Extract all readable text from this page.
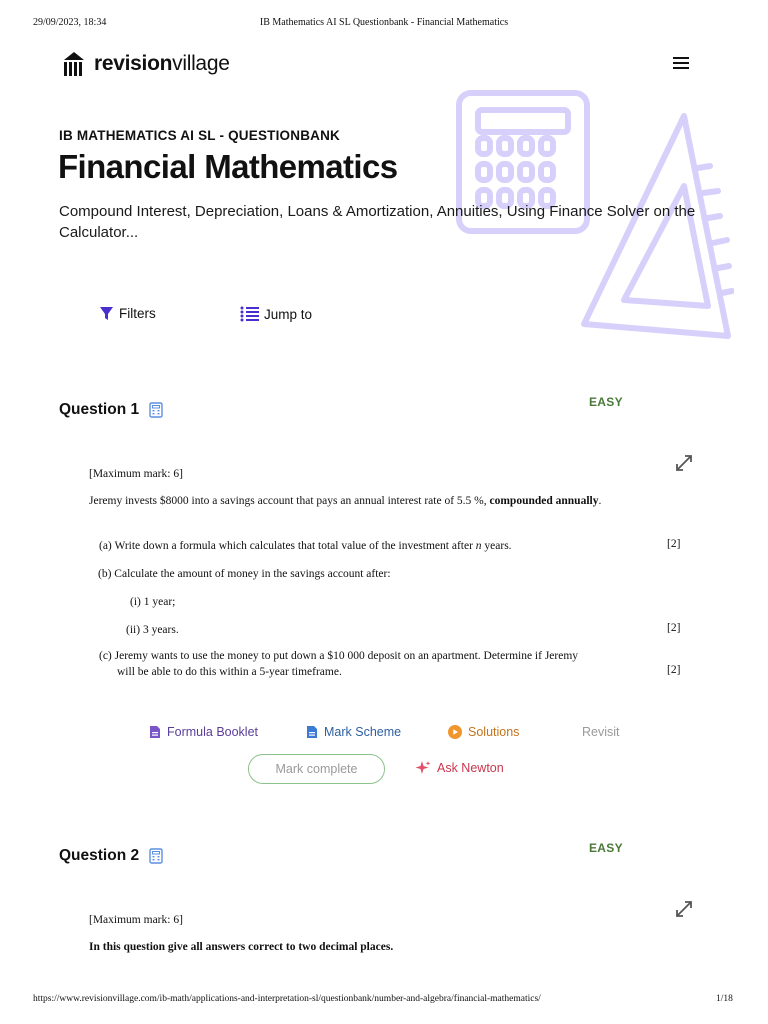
29/09/2023, 18:34	IB Mathematics AI SL Questionbank - Financial Mathematics
revisionvillage
IB MATHEMATICS AI SL - QUESTIONBANK
Financial Mathematics
Compound Interest, Depreciation, Loans & Amortization, Annuities, Using Finance Solver on the Calculator...
Filters	Jump to
Question 1	EASY
[Maximum mark: 6]
Jeremy invests $8000 into a savings account that pays an annual interest rate of 5.5 %, compounded annually.
(a) Write down a formula which calculates that total value of the investment after n years.	[2]
(b) Calculate the amount of money in the savings account after:
(i) 1 year;
(ii) 3 years.	[2]
(c) Jeremy wants to use the money to put down a $10 000 deposit on an apartment. Determine if Jeremy
will be able to do this within a 5-year timeframe.	[2]
Formula Booklet	Mark Scheme	Solutions	Revisit
Mark complete	Ask Newton
Question 2	EASY
[Maximum mark: 6]
In this question give all answers correct to two decimal places.
https://www.revisionvillage.com/ib-math/applications-and-interpretation-sl/questionbank/number-and-algebra/financial-mathematics/	1/18
